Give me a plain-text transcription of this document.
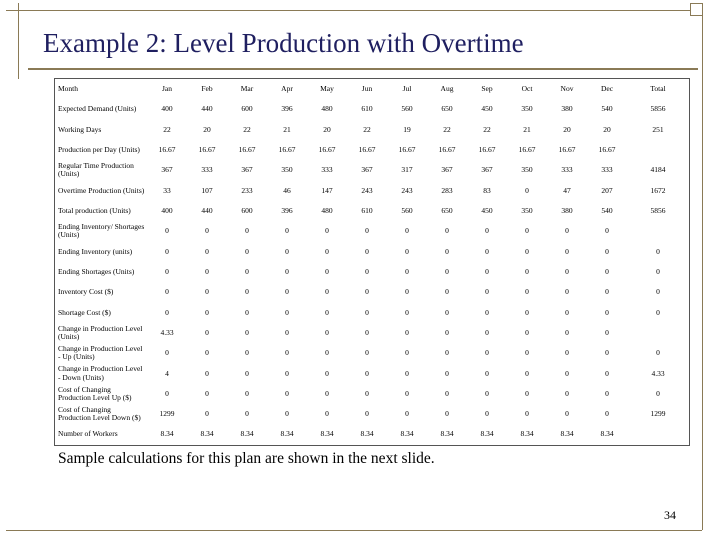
Example 2: Level Production with Overtime
Month	Jan	Feb	Mar	Apr	May	Jun	Jul	Aug	Sep	Oct	Nov	Dec	Total
Expected Demand (Units)	400	440	600	396	480	610	560	650	450	350	380	540	5856
Working Days	22	20	22	21	20	22	19	22	22	21	20	20	251
Production per Day (Units)	16.67	16.67	16.67	16.67	16.67	16.67	16.67	16.67	16.67	16.67	16.67	16.67	
Regular Time Production (Units)	367	333	367	350	333	367	317	367	367	350	333	333	4184
Overtime Production (Units)	33	107	233	46	147	243	243	283	83	0	47	207	1672
Total production (Units)	400	440	600	396	480	610	560	650	450	350	380	540	5856
Ending Inventory/ Shortages (Units)	0	0	0	0	0	0	0	0	0	0	0	0	
Ending Inventory (units)	0	0	0	0	0	0	0	0	0	0	0	0	0
Ending Shortages (Units)	0	0	0	0	0	0	0	0	0	0	0	0	0
Inventory Cost ($)	0	0	0	0	0	0	0	0	0	0	0	0	0
Shortage Cost ($)	0	0	0	0	0	0	0	0	0	0	0	0	0
Change in Production Level (Units)	4.33	0	0	0	0	0	0	0	0	0	0	0	
Change in Production Level - Up (Units)	0	0	0	0	0	0	0	0	0	0	0	0	0
Change in Production Level - Down (Units)	4	0	0	0	0	0	0	0	0	0	0	0	4.33
Cost of Changing Production Level Up ($)	0	0	0	0	0	0	0	0	0	0	0	0	0
Cost of Changing Production Level Down ($)	1299	0	0	0	0	0	0	0	0	0	0	0	1299
Number of Workers	8.34	8.34	8.34	8.34	8.34	8.34	8.34	8.34	8.34	8.34	8.34	8.34	

Sample calculations for this plan are shown in the next slide.

34
